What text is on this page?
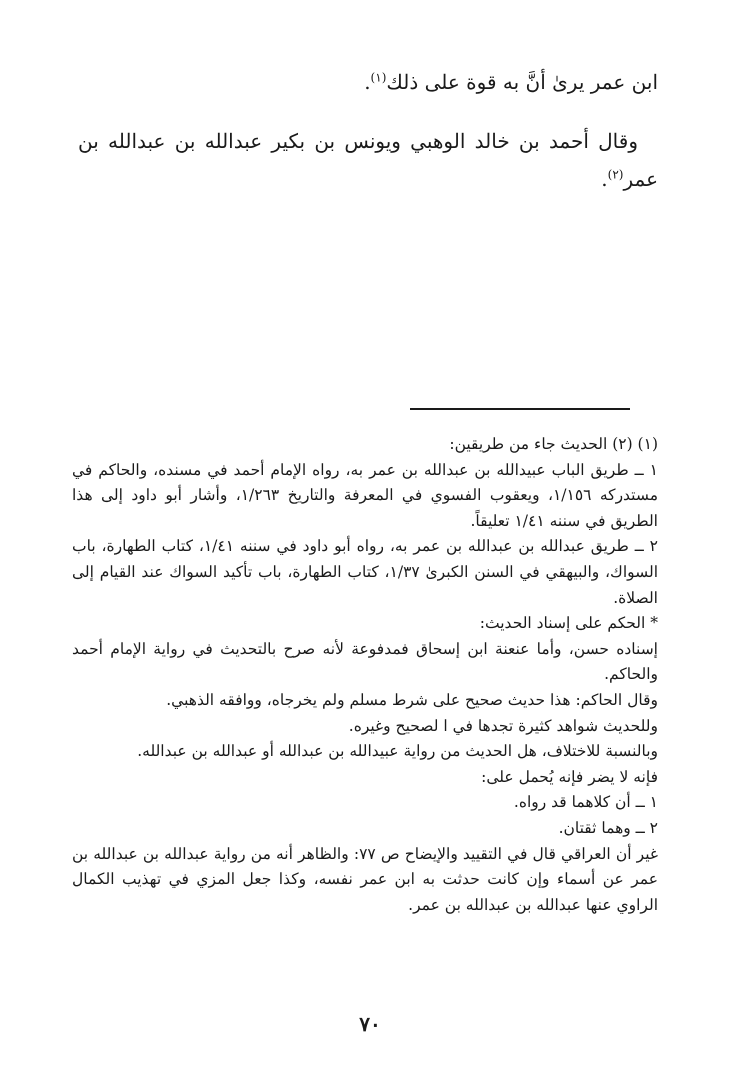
ابن عمر يرىٰ أنَّ به قوة على ذلك$^{(١)}$.
وقال أحمد بن خالد الوهبي ويونس بن بكير عبدالله بن عبدالله بن عمر$^{(٢)}$.
(١) (٢) الحديث جاء من طريقين:
١ ــ طريق الباب عبيدالله بن عبدالله بن عمر به، رواه الإمام أحمد في مسنده، والحاكم في مستدركه ١/١٥٦، ويعقوب الفسوي في المعرفة والتاريخ ١/٢٦٣، وأشار أبو داود إلى هذا الطريق في سننه ١/٤١ تعليقاً.
٢ ــ طريق عبدالله بن عبدالله بن عمر به، رواه أبو داود في سننه ١/٤١، كتاب الطهارة، باب السواك، والبيهقي في السنن الكبرىٰ ١/٣٧، كتاب الطهارة، باب تأكيد السواك عند القيام إلى الصلاة.
* الحكم على إسناد الحديث:
إسناده حسن، وأما عنعنة ابن إسحاق فمدفوعة لأنه صرح بالتحديث في رواية الإمام أحمد والحاكم.
وقال الحاكم: هذا حديث صحيح على شرط مسلم ولم يخرجاه، ووافقه الذهبي.
وللحديث شواهد كثيرة تجدها في ا لصحيح وغيره.
وبالنسبة للاختلاف، هل الحديث من رواية عبيدالله بن عبدالله أو عبدالله بن عبدالله.
فإنه لا يضر فإنه يُحمل على:
١ ــ أن كلاهما قد رواه.
٢ ــ وهما ثقتان.
غير أن العراقي قال في التقييد والإيضاح ص ٧٧: والظاهر أنه من رواية عبدالله بن عبدالله بن عمر عن أسماء وإن كانت حدثت به ابن عمر نفسه، وكذا جعل المزي في تهذيب الكمال الراوي عنها عبدالله بن عبدالله بن عمر.
٧٠
